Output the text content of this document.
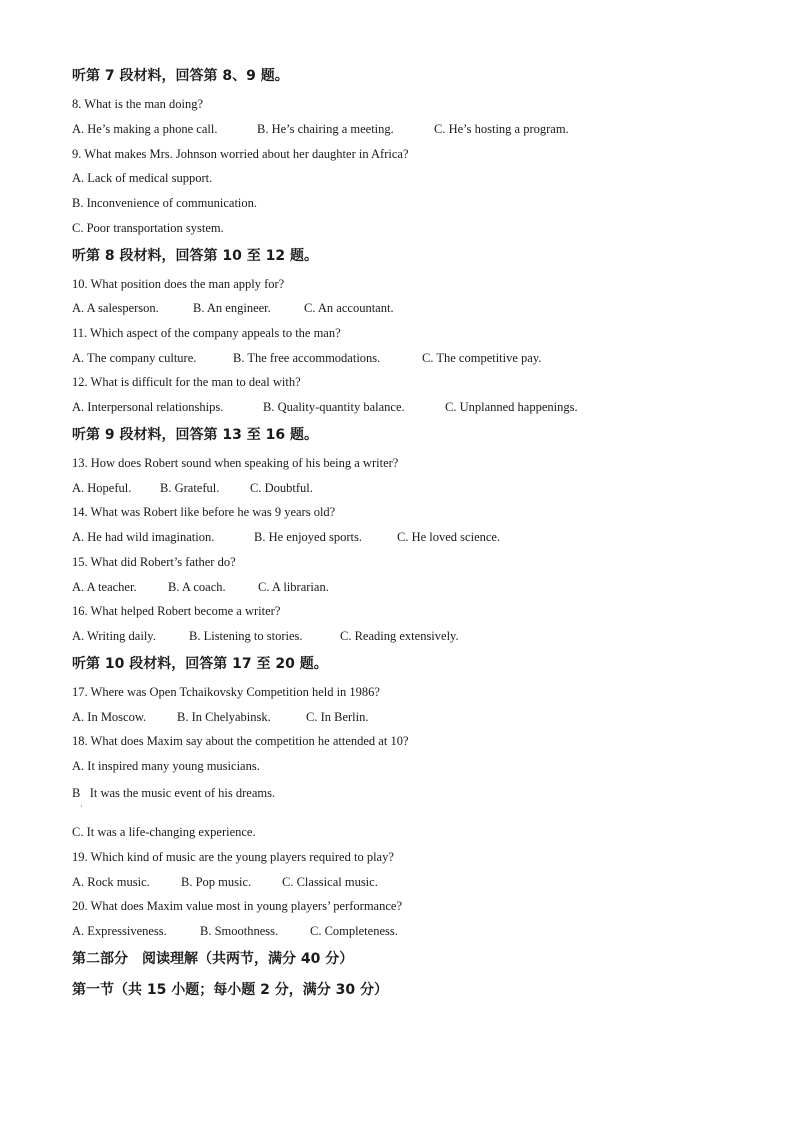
听第 7 段材料，回答第 8、9 题。
8. What is the man doing?
A. He’s making a phone call.	B. He’s chairing a meeting.	C. He’s hosting a program.
9. What makes Mrs. Johnson worried about her daughter in Africa?
A. Lack of medical support.
B. Inconvenience of communication.
C. Poor transportation system.
听第 8 段材料，回答第 10 至 12 题。
10. What position does the man apply for?
A. A salesperson.	B. An engineer.	C. An accountant.
11. Which aspect of the company appeals to the man?
A. The company culture.	B. The free accommodations.	C. The competitive pay.
12. What is difficult for the man to deal with?
A. Interpersonal relationships.	B. Quality-quantity balance.	C. Unplanned happenings.
听第 9 段材料，回答第 13 至 16 题。
13. How does Robert sound when speaking of his being a writer?
A. Hopeful. B. Grateful. C. Doubtful.
14. What was Robert like before he was 9 years old?
A. He had wild imagination.	B. He enjoyed sports.	C. He loved science.
15. What did Robert’s father do?
A. A teacher.	B. A coach.	C. A librarian.
16. What helped Robert become a writer?
A. Writing daily.	B. Listening to stories.	C. Reading extensively.
听第 10 段材料，回答第 17 至 20 题。
17. Where was Open Tchaikovsky Competition held in 1986?
A. In Moscow. B. In Chelyabinsk.	C. In Berlin.
18. What does Maxim say about the competition he attended at 10?
A. It inspired many young musicians.
B   It was the music event of his dreams.
·
C. It was a life-changing experience.
19. Which kind of music are the young players required to play?
A. Rock music. B. Pop music. C. Classical music.
20. What does Maxim value most in young players’ performance?
A. Expressiveness.	B. Smoothness.	C. Completeness.
第二部分　阅读理解（共两节，满分 40 分）
第一节（共 15 小题；每小题 2 分，满分 30 分）
